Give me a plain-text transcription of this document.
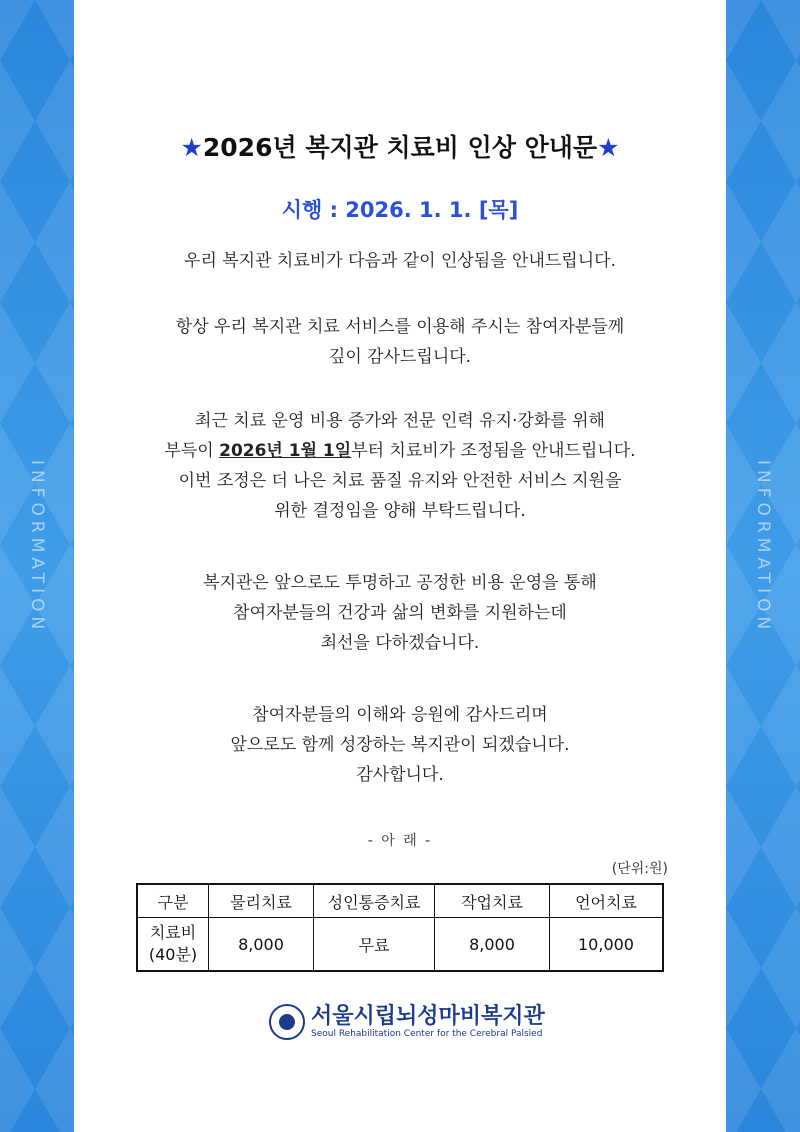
INFORMATION	INFORMATION
★2026년 복지관 치료비 인상 안내문★
시행 : 2026. 1. 1. [목]

우리 복지관 치료비가 다음과 같이 인상됨을 안내드립니다.

항상 우리 복지관 치료 서비스를 이용해 주시는 참여자분들께

깊이 감사드립니다.

최근 치료 운영 비용 증가와 전문 인력 유지·강화를 위해

부득이 2026년 1월 1일부터 치료비가 조정됨을 안내드립니다.

이번 조정은 더 나은 치료 품질 유지와 안전한 서비스 지원을

위한 결정임을 양해 부탁드립니다.

복지관은 앞으로도 투명하고 공정한 비용 운영을 통해

참여자분들의 건강과 삶의 변화를 지원하는데

최선을 다하겠습니다.

참여자분들의 이해와 응원에 감사드리며

앞으로도 함께 성장하는 복지관이 되겠습니다.

감사합니다.

- 아 래 -
(단위:원)
구분	물리치료	성인통증치료	작업치료	언어치료
치료비
(40분)	8,000	무료	8,000	10,000
서울시립뇌성마비복지관
Seoul Rehabilitation Center for the Cerebral Palsied
